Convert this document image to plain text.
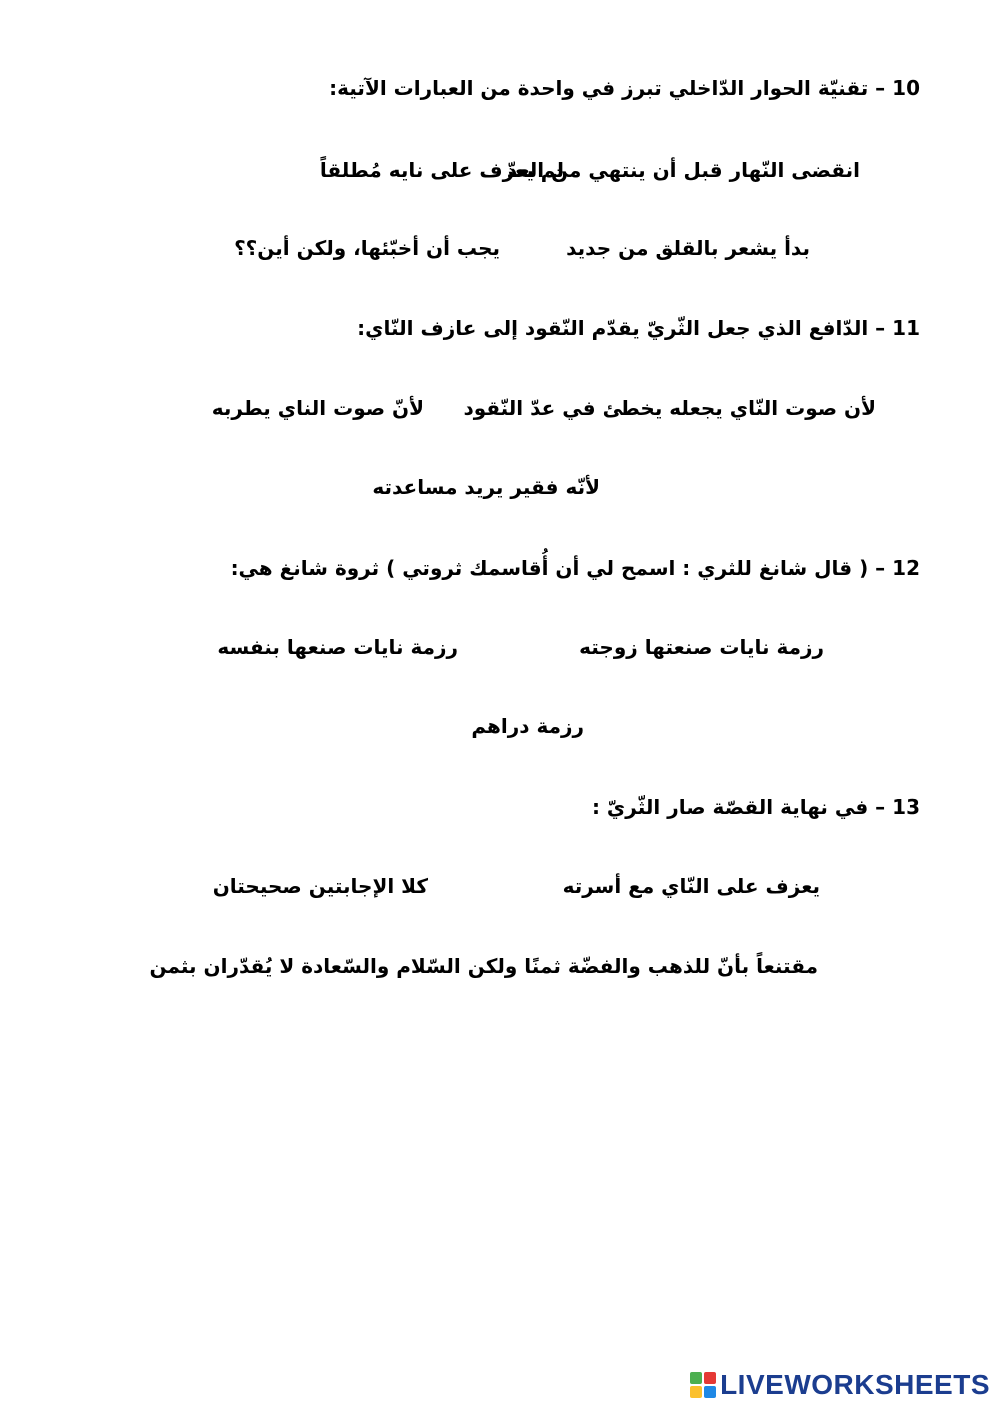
10 – تقنيّة الحوار الدّاخلي تبرز في واحدة من العبارات الآتية:
انقضى النّهار قبل أن ينتهي من العدّ
لم يعزف على نايه مُطلقاً
بدأ يشعر بالقلق من جديد
يجب أن أخبّئها، ولكن أين؟؟
11 – الدّافع الذي جعل الثّريّ يقدّم النّقود إلى عازف النّاي:
لأن صوت النّاي يجعله يخطئ في عدّ النّقود
لأنّ صوت الناي يطربه
لأنّه فقير يريد مساعدته
12 – ( قال شانغ للثري : اسمح لي أن أُقاسمك ثروتي ) ثروة شانغ هي:
رزمة نايات صنعتها زوجته
رزمة نايات صنعها بنفسه
رزمة دراهم
13 – في نهاية القصّة صار الثّريّ :
يعزف على النّاي مع أسرته
كلا الإجابتين صحيحتان
مقتنعاً بأنّ للذهب والفضّة ثمنًا ولكن السّلام والسّعادة لا يُقدّران بثمن
LIVEWORKSHEETS
